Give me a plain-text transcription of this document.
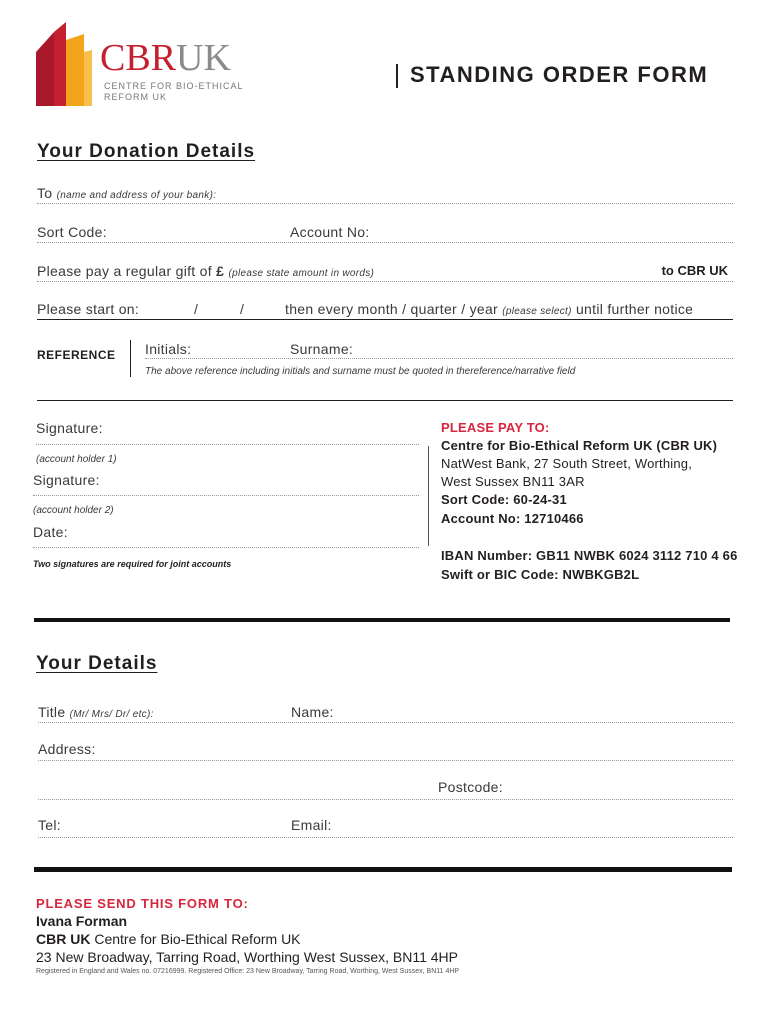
CBRUK
CENTRE FOR BIO-ETHICAL
REFORM UK
STANDING ORDER FORM
Your Donation Details
To (name and address of your bank):
Sort Code:	Account No:
Please pay a regular gift of £ (please state amount in words)	to CBR UK
Please start on:	/	/	then every month / quarter / year (please select) until further notice
REFERENCE Initials:	Surname:
The above reference including initials and surname must be quoted in thereference/narrative field
Signature:
(account holder 1)
Signature:
(account holder 2)
Date:
Two signatures are required for joint accounts
PLEASE PAY TO:
Centre for Bio-Ethical Reform UK (CBR UK)
NatWest Bank, 27 South Street, Worthing,
West Sussex BN11 3AR
Sort Code: 60-24-31
Account No: 12710466
IBAN Number: GB11 NWBK 6024 3112 710 4 66
Swift or BIC Code: NWBKGB2L
Your Details
Title (Mr/ Mrs/ Dr/ etc):	Name:
Address:
Postcode:
Tel:	Email:
PLEASE SEND THIS FORM TO:
Ivana Forman
CBR UK Centre for Bio-Ethical Reform UK
23 New Broadway, Tarring Road, Worthing West Sussex, BN11 4HP
Registered in England and Wales no. 07216999. Registered Office: 23 New Broadway, Tarring Road, Worthing, West Sussex, BN11 4HP
